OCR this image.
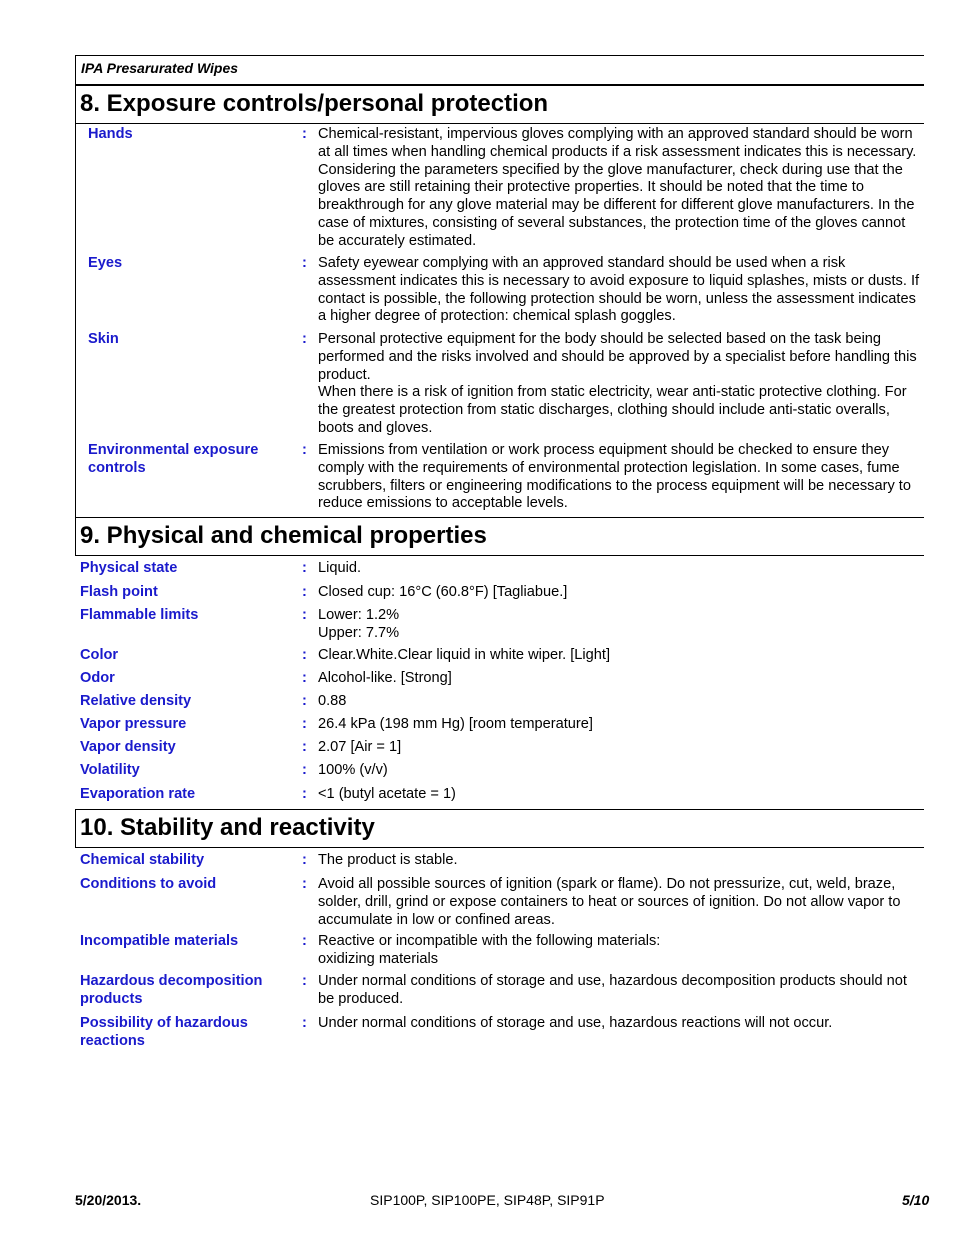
IPA Presarurated Wipes
8. Exposure controls/personal protection
Hands	: Chemical-resistant, impervious gloves complying with an approved standard should be worn at all times when handling chemical products if a risk assessment indicates this is necessary. Considering the parameters specified by the glove manufacturer, check during use that the gloves are still retaining their protective properties. It should be noted that the time to breakthrough for any glove material may be different for different glove manufacturers. In the case of mixtures, consisting of several substances, the protection time of the gloves cannot be accurately estimated.
Eyes	: Safety eyewear complying with an approved standard should be used when a risk assessment indicates this is necessary to avoid exposure to liquid splashes, mists or dusts. If contact is possible, the following protection should be worn, unless the assessment indicates a higher degree of protection: chemical splash goggles.
Skin	: Personal protective equipment for the body should be selected based on the task being performed and the risks involved and should be approved by a specialist before handling this product.
When there is a risk of ignition from static electricity, wear anti-static protective clothing. For the greatest protection from static discharges, clothing should include anti-static overalls, boots and gloves.
Environmental exposure controls
: Emissions from ventilation or work process equipment should be checked to ensure they comply with the requirements of environmental protection legislation. In some cases, fume scrubbers, filters or engineering modifications to the process equipment will be necessary to reduce emissions to acceptable levels.
9. Physical and chemical properties
Physical state	: Liquid.
Flash point	: Closed cup: 16°C (60.8°F) [Tagliabue.]
Flammable limits	: Lower: 1.2%
Upper: 7.7%
Color	: Clear.White.Clear liquid in white wiper. [Light]
Odor	: Alcohol-like. [Strong]
Relative density	: 0.88
Vapor pressure	: 26.4 kPa (198 mm Hg) [room temperature]
Vapor density	: 2.07 [Air = 1]
Volatility	: 100% (v/v)
Evaporation rate	: <1 (butyl acetate = 1)
10. Stability and reactivity
Chemical stability	: The product is stable.
Conditions to avoid	: Avoid all possible sources of ignition (spark or flame). Do not pressurize, cut, weld, braze, solder, drill, grind or expose containers to heat or sources of ignition. Do not allow vapor to accumulate in low or confined areas.
Incompatible materials	: Reactive or incompatible with the following materials:
oxidizing materials
Hazardous decomposition products
: Under normal conditions of storage and use, hazardous decomposition products should not be produced.
Possibility of hazardous reactions
: Under normal conditions of storage and use, hazardous reactions will not occur.
5/20/2013.	SIP100P, SIP100PE, SIP48P, SIP91P	5/10
